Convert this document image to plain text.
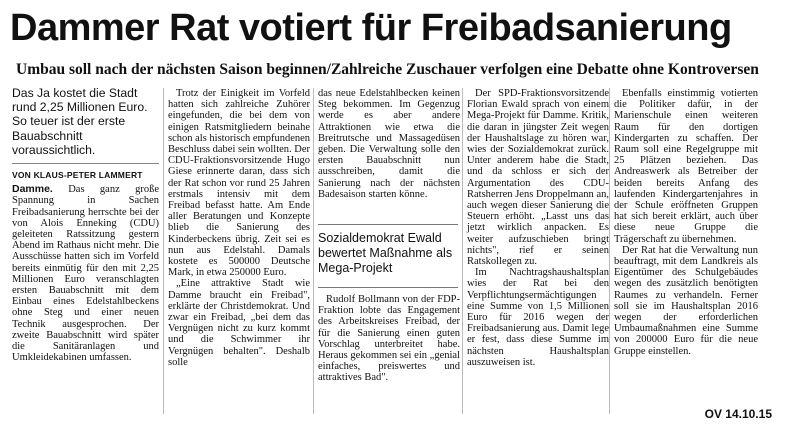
Dammer Rat votiert für Freibadsanierung
Umbau soll nach der nächsten Saison beginnen/Zahlreiche Zuschauer verfolgen eine Debatte ohne Kontroversen
Das Ja kostet die Stadt rund 2,25 Millionen Euro. So teuer ist der erste Bauabschnitt voraussichtlich.
VON KLAUS-PETER LAMMERT

Damme. Das ganz große Spannung in Sachen Freibadsanierung herrschte bei der von Alois Enneking (CDU) geleiteten Ratssitzung gestern Abend im Rathaus nicht mehr. Die Ausschüsse hatten sich im Vorfeld bereits einmütig für den mit 2,25 Millionen Euro veranschlagten ersten Bauabschnitt mit dem Einbau eines Edelstahlbeckens ohne Steg und einer neuen Technik ausgesprochen. Der zweite Bauabschnitt wird später die Sanitäranlagen und Umkleidekabinen umfassen.

Trotz der Einigkeit im Vorfeld hatten sich zahlreiche Zuhörer eingefunden, die bei dem von einigen Ratsmitgliedern beinahe schon als historisch empfundenen Beschluss dabei sein wollten. Der CDU-Fraktionsvorsitzende Hugo Giese erinnerte daran, dass sich der Rat schon vor rund 25 Jahren erstmals intensiv mit dem Freibad befasst hatte. Am Ende aller Beratungen und Konzepte blieb die Sanierung des Kinderbeckens übrig. Zeit sei es nun aus Edelstahl. Damals kostete es 500000 Deutsche Mark, in etwa 250000 Euro.

„Eine attraktive Stadt wie Damme braucht ein Freibad", erklärte der Christdemokrat. Und zwar ein Freibad, „bei dem das Vergnügen nicht zu kurz kommt und die Schwimmer ihr Vergnügen behalten". Deshalb solle

das neue Edelstahlbecken keinen Steg bekommen. Im Gegenzug werde es aber andere Attraktionen wie etwa die Breitrutsche und Massagedüsen geben. Die Verwaltung solle den ersten Bauabschnitt nun ausschreiben, damit die Sanierung nach der nächsten Badesaison starten könne.

Sozialdemokrat Ewald bewertet Maßnahme als Mega-Projekt

Rudolf Bollmann von der FDP-Fraktion lobte das Engagement des Arbeitskreises Freibad, der für die Sanierung einen guten Vorschlag unterbreitet habe. Heraus gekommen sei ein „genial einfaches, preiswertes und attraktives Bad".

Der SPD-Fraktionsvorsitzende Florian Ewald sprach von einem Mega-Projekt für Damme. Kritik, die daran in jüngster Zeit wegen der Haushaltslage zu hören war, wies der Sozialdemokrat zurück. Unter anderem habe die Stadt, und da schloss er sich der Argumentation des CDU-Ratsherren Jens Droppelmann an, auch wegen dieser Sanierung die Steuern erhöht. „Lasst uns das jetzt wirklich anpacken. Es weiter aufzuschieben bringt nichts", rief er seinen Ratskollegen zu.

Im Nachtragshaushaltsplan wies der Rat bei den Verpflichtungsermächtigungen eine Summe von 1,5 Millionen Euro für 2016 wegen der Freibadsanierung aus. Damit lege er fest, dass diese Summe im nächsten Haushaltsplan auszuweisen ist.

Ebenfalls einstimmig votierten die Politiker dafür, in der Marienschule einen weiteren Raum für den dortigen Kindergarten zu schaffen. Der Raum soll eine Regelgruppe mit 25 Plätzen beziehen. Das Andreaswerk als Betreiber der beiden bereits Anfang des laufenden Kindergartenjahres in der Schule eröffneten Gruppen hat sich bereit erklärt, auch über diese neue Gruppe die Trägerschaft zu übernehmen.

Der Rat hat die Verwaltung nun beauftragt, mit dem Landkreis als Eigentümer des Schulgebäudes wegen des zusätzlich benötigten Raumes zu verhandeln. Ferner soll sie im Haushaltsplan 2016 wegen der erforderlichen Umbaumaßnahmen eine Summe von 200000 Euro für die neue Gruppe einstellen.

OV 14.10.15
